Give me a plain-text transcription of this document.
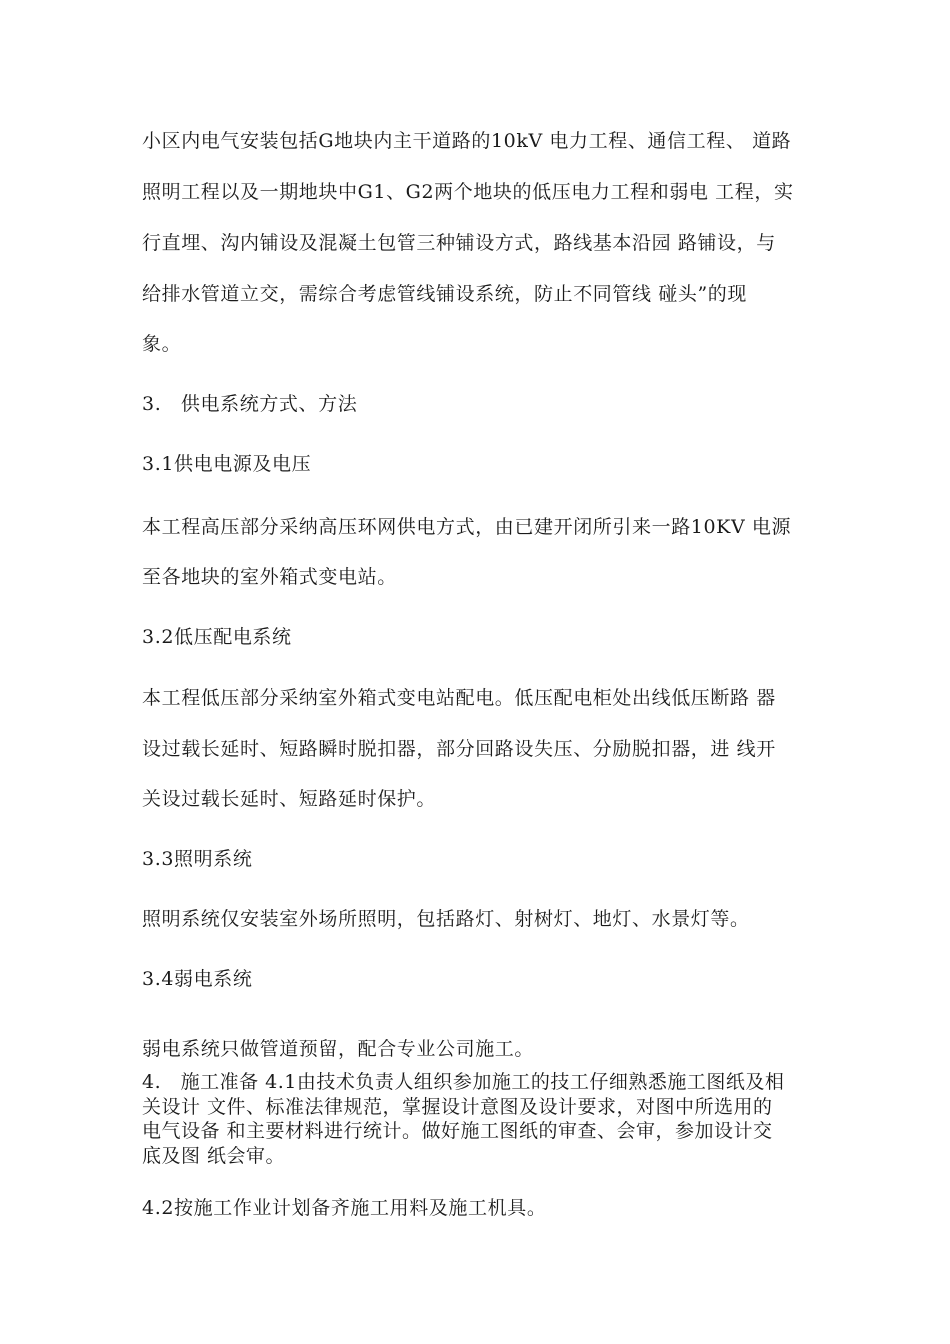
小区内电气安装包括G地块内主干道路的10kV 电力工程、通信工程、 道路
照明工程以及一期地块中G1、G2两个地块的低压电力工程和弱电 工程，实
行直埋、沟内铺设及混凝土包管三种铺设方式，路线基本沿园 路铺设，与
给排水管道立交，需综合考虑管线铺设系统，防止不同管线 碰头”的现
象。
3.　供电系统方式、方法
3.1供电电源及电压
本工程高压部分采纳高压环网供电方式，由已建开闭所引来一路10KV 电源
至各地块的室外箱式变电站。
3.2低压配电系统
本工程低压部分采纳室外箱式变电站配电。低压配电柜处出线低压断路 器
设过载长延时、短路瞬时脱扣器，部分回路设失压、分励脱扣器，进 线开
关设过载长延时、短路延时保护。
3.3照明系统
照明系统仅安装室外场所照明，包括路灯、射树灯、地灯、水景灯等。
3.4弱电系统
弱电系统只做管道预留，配合专业公司施工。
4.　施工准备 4.1由技术负责人组织参加施工的技工仔细熟悉施工图纸及相
关设计 文件、标准法律规范，掌握设计意图及设计要求，对图中所选用的
电气设备 和主要材料进行统计。做好施工图纸的审查、会审，参加设计交
底及图 纸会审。
4.2按施工作业计划备齐施工用料及施工机具。
